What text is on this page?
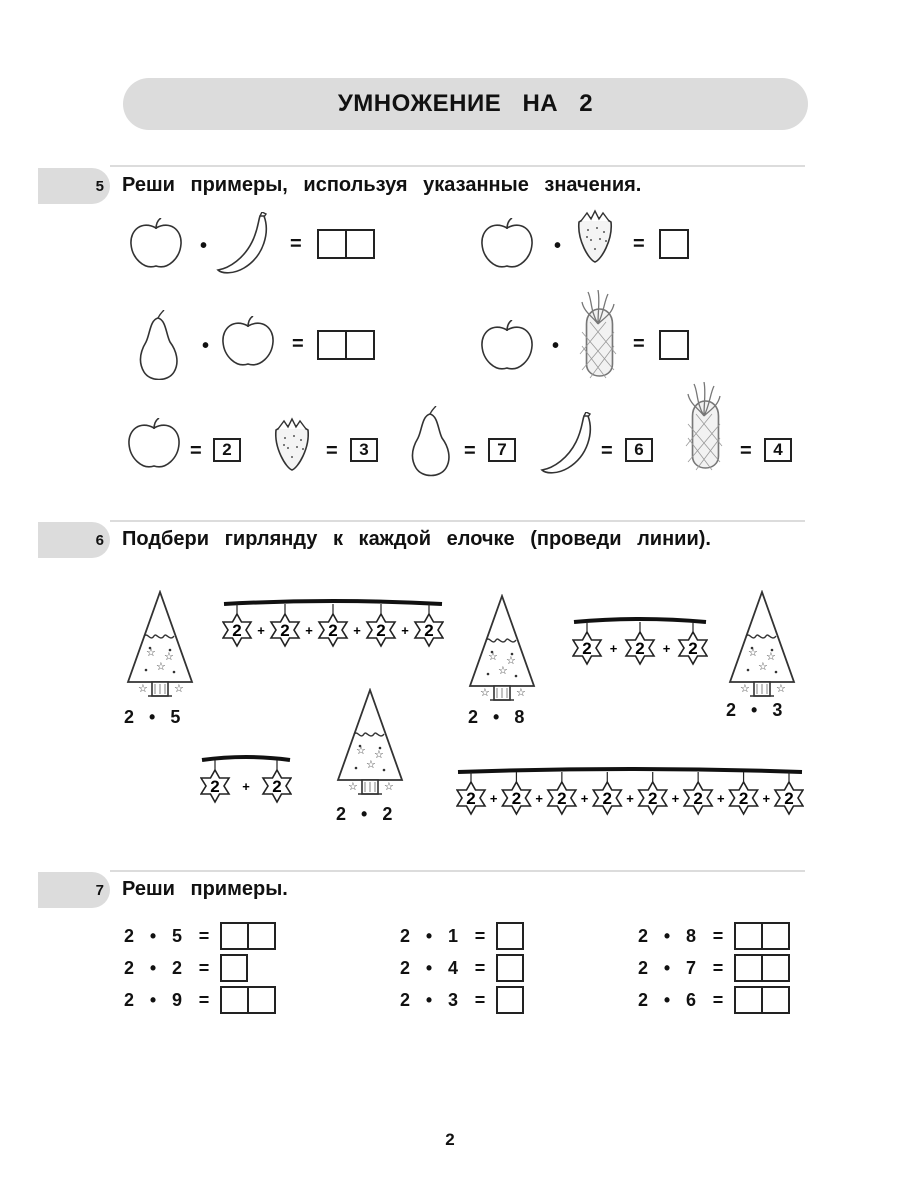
УМНОЖЕНИЕ НА 2
5 Реши примеры, используя указанные значения.
•	=	•	=
•	=	•	=
=	2	=	3	=	7	=	6	=	4
6 Подбери гирлянду к каждой елочке (проведи линии).
2 • 5	2 • 8	2 • 3
2 • 2
2 + 2 + 2 + 2 + 2
2 + 2 + 2
2 + 2
2 + 2 + 2 + 2 + 2 + 2 + 2 + 2
7 Реши примеры.
2 • 5 =
2 • 2 =
2 • 9 =
2 • 1 =
2 • 4 =
2 • 3 =
2 • 8 =
2 • 7 =
2 • 6 =
2
